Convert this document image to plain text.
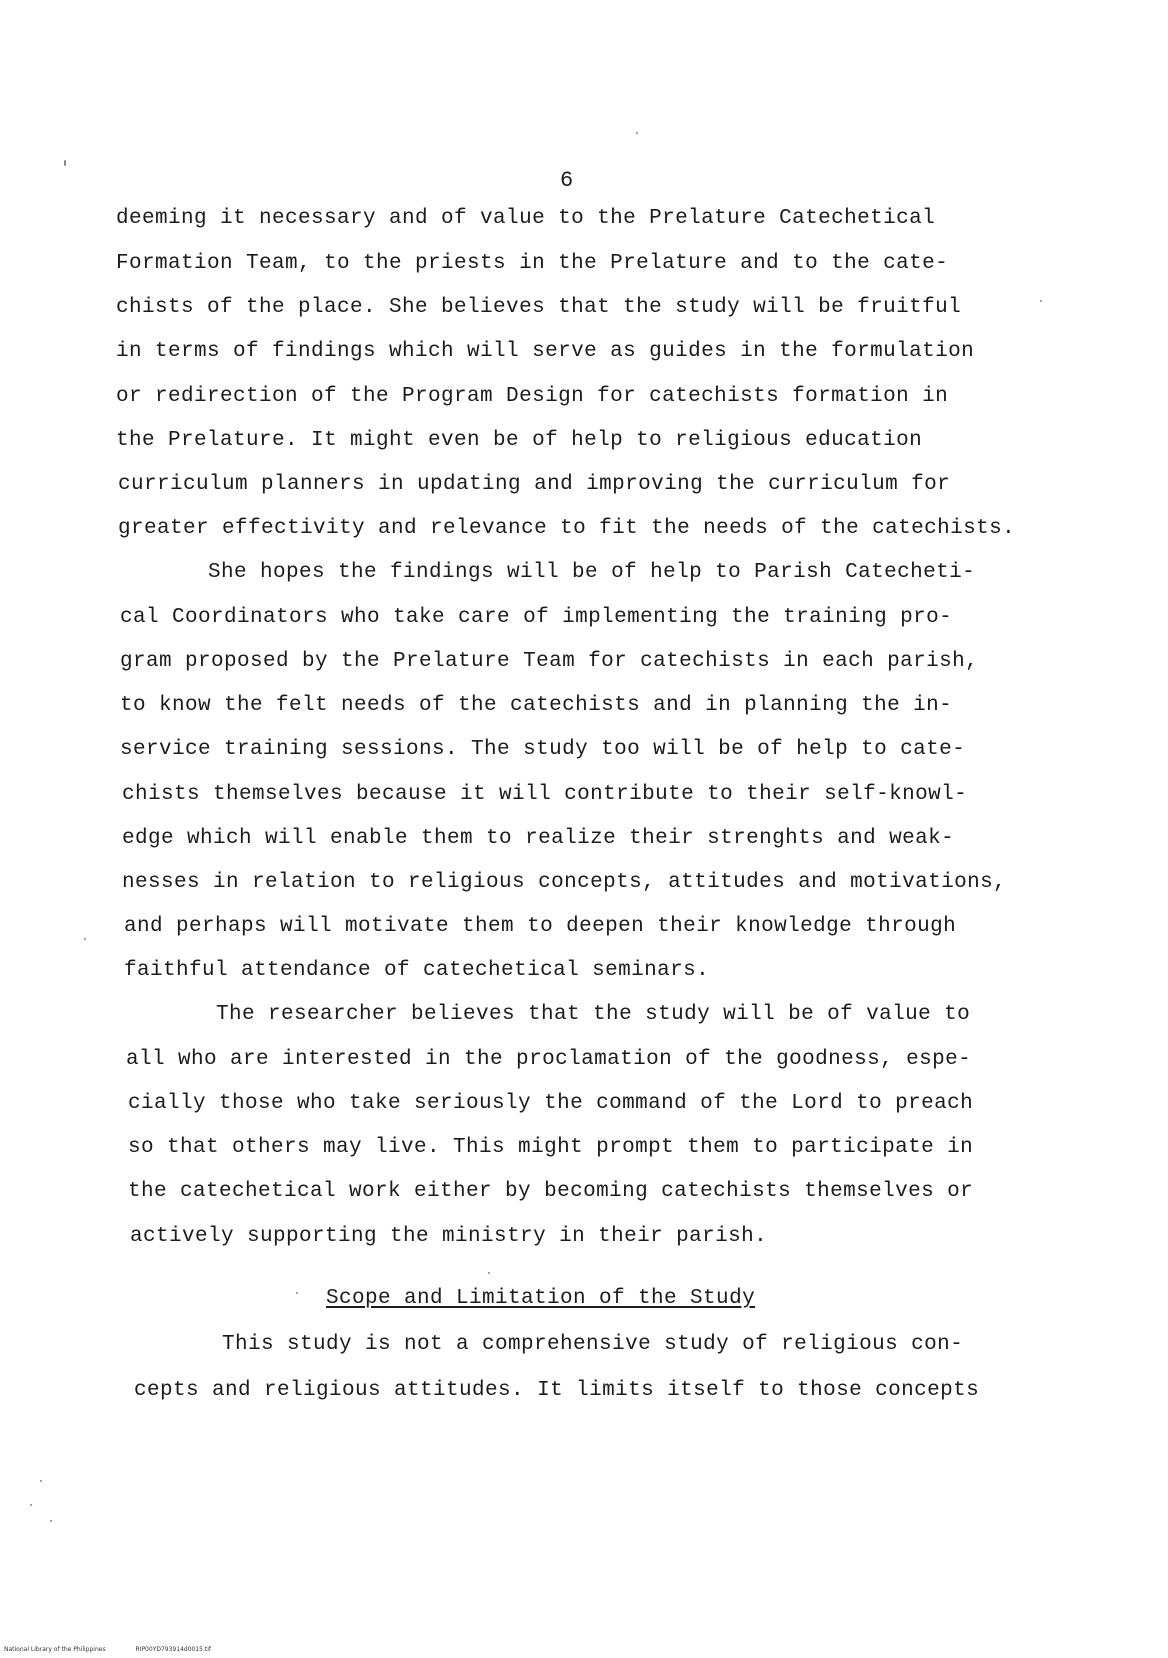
6

deeming it necessary and of value to the Prelature Catechetical

Formation Team, to the priests in the Prelature and to the cate-

chists of the place. She believes that the study will be fruitful

in terms of findings which will serve as guides in the formulation

or redirection of the Program Design for catechists formation in

the Prelature. It might even be of help to religious education

curriculum planners in updating and improving the curriculum for

greater effectivity and relevance to fit the needs of the catechists.

She hopes the findings will be of help to Parish Catecheti-

cal Coordinators who take care of implementing the training pro-

gram proposed by the Prelature Team for catechists in each parish,

to know the felt needs of the catechists and in planning the in-

service training sessions. The study too will be of help to cate-

chists themselves because it will contribute to their self-knowl-

edge which will enable them to realize their strenghts and weak-

nesses in relation to religious concepts, attitudes and motivations,

and perhaps will motivate them to deepen their knowledge through

faithful attendance of catechetical seminars.

The researcher believes that the study will be of value to

all who are interested in the proclamation of the goodness, espe-

cially those who take seriously the command of the Lord to preach

so that others may live. This might prompt them to participate in

the catechetical work either by becoming catechists themselves or

actively supporting the ministry in their parish.

Scope and Limitation of the Study

This study is not a comprehensive study of religious con-

cepts and religious attitudes. It limits itself to those concepts

National Library of the Philippines	RIP00YD793914d0015.tif
